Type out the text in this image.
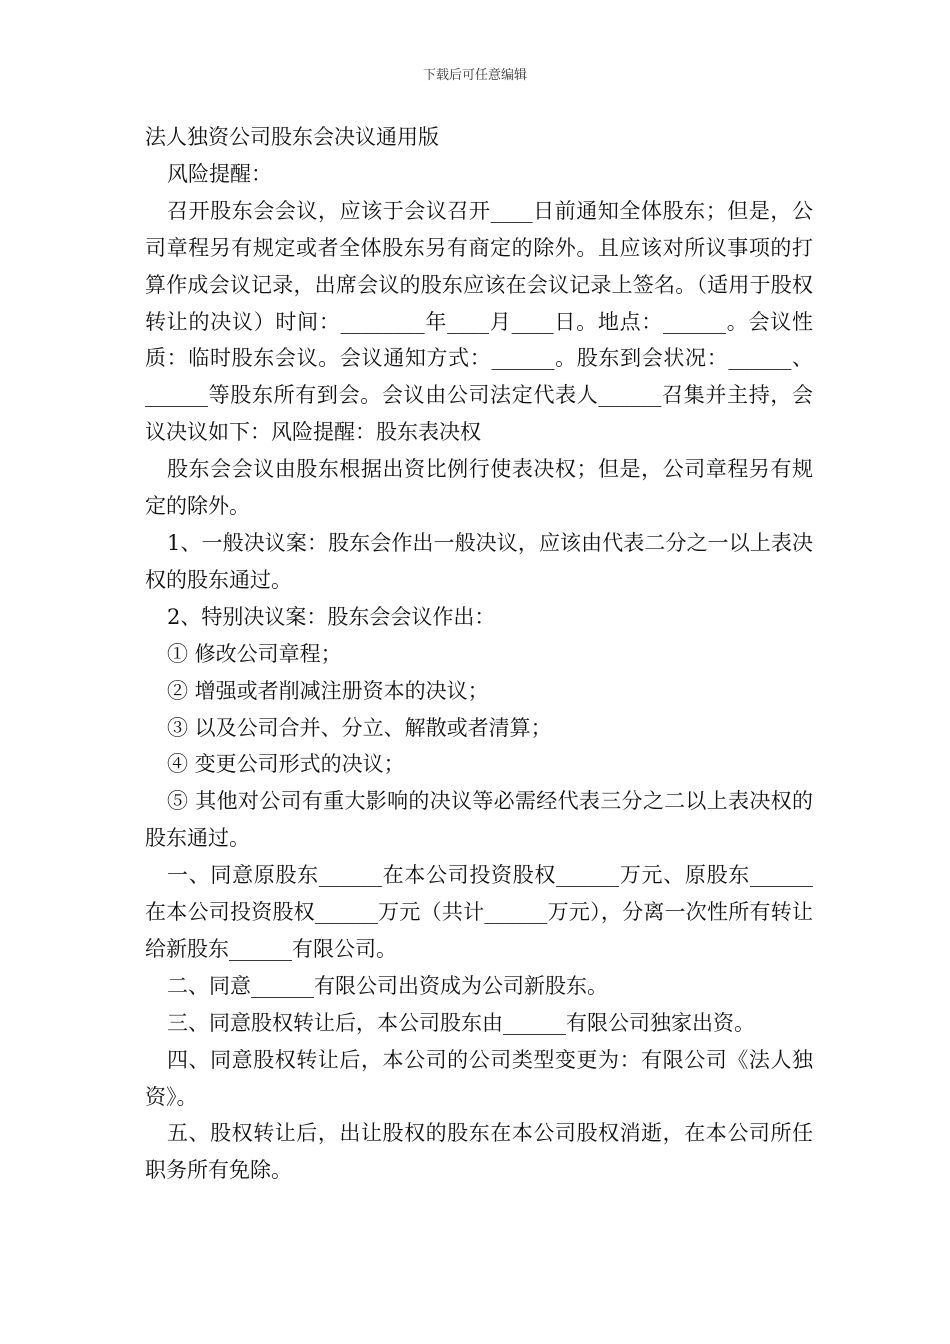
下载后可任意编辑

法人独资公司股东会决议通用版

风险提醒：

召开股东会会议，应该于会议召开____日前通知全体股东；但是，公司章程另有规定或者全体股东另有商定的除外。且应该对所议事项的打算作成会议记录，出席会议的股东应该在会议记录上签名。（适用于股权转让的决议）时间：________年____月____日。地点：______。会议性质：临时股东会议。会议通知方式：______。股东到会状况：______、______等股东所有到会。会议由公司法定代表人______召集并主持，会议决议如下：风险提醒：股东表决权

股东会会议由股东根据出资比例行使表决权；但是，公司章程另有规定的除外。

1、一般决议案：股东会作出一般决议，应该由代表二分之一以上表决权的股东通过。

2、特别决议案：股东会会议作出：

① 修改公司章程；

② 增强或者削减注册资本的决议；

③ 以及公司合并、分立、解散或者清算；

④ 变更公司形式的决议；

⑤ 其他对公司有重大影响的决议等必需经代表三分之二以上表决权的股东通过。

一、同意原股东______在本公司投资股权______万元、原股东______在本公司投资股权______万元（共计______万元），分离一次性所有转让给新股东______有限公司。

二、同意______有限公司出资成为公司新股东。

三、同意股权转让后，本公司股东由______有限公司独家出资。

四、同意股权转让后，本公司的公司类型变更为：有限公司《法人独资》。

五、股权转让后，出让股权的股东在本公司股权消逝，在本公司所任职务所有免除。
